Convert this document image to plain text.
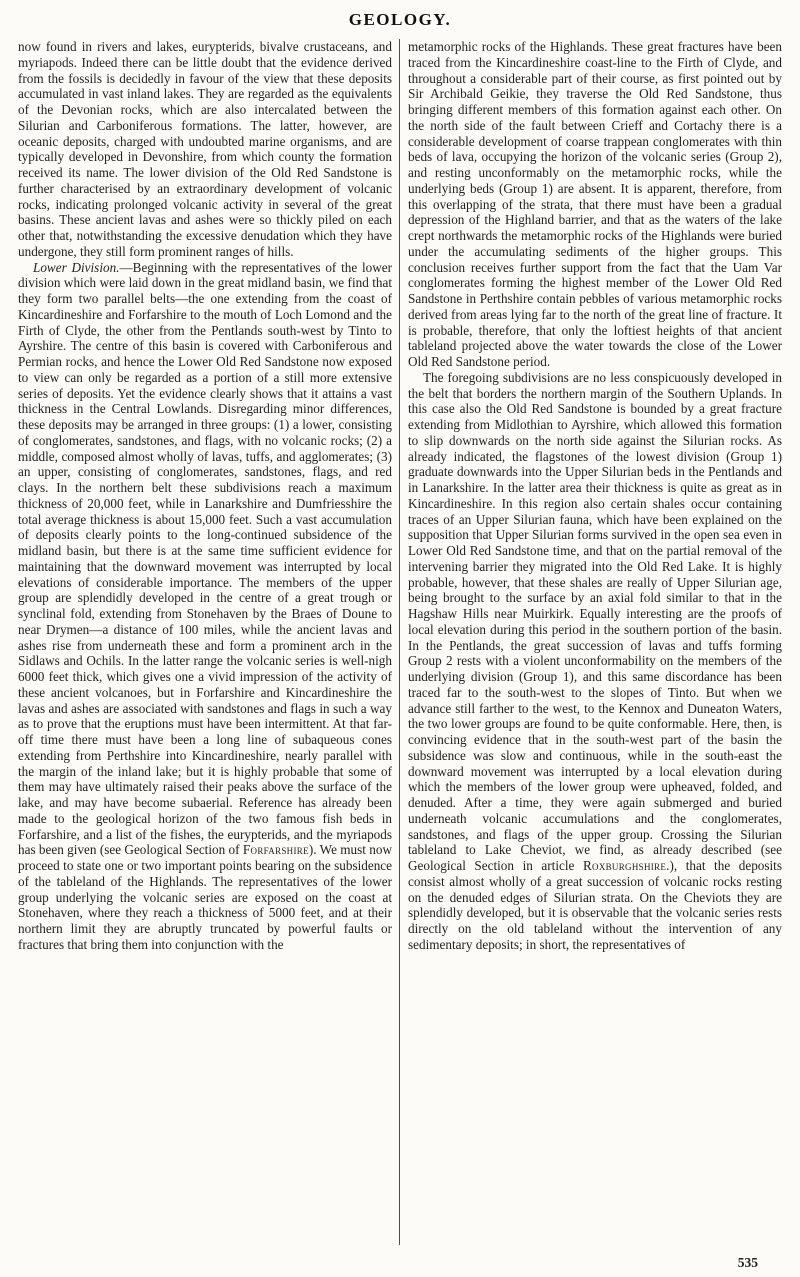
GEOLOGY.

now found in rivers and lakes, eurypterids, bivalve crustaceans, and myriapods. Indeed there can be little doubt that the evidence derived from the fossils is decidedly in favour of the view that these deposits accumulated in vast inland lakes. They are regarded as the equivalents of the Devonian rocks, which are also intercalated between the Silurian and Carboniferous formations. The latter, however, are oceanic deposits, charged with undoubted marine organisms, and are typically developed in Devonshire, from which county the formation received its name. The lower division of the Old Red Sandstone is further characterised by an extraordinary development of volcanic rocks, indicating prolonged volcanic activity in several of the great basins. These ancient lavas and ashes were so thickly piled on each other that, notwithstanding the excessive denudation which they have undergone, they still form prominent ranges of hills.

Lower Division.—Beginning with the representatives of the lower division which were laid down in the great midland basin, we find that they form two parallel belts—the one extending from the coast of Kincardineshire and Forfarshire to the mouth of Loch Lomond and the Firth of Clyde, the other from the Pentlands south-west by Tinto to Ayrshire. The centre of this basin is covered with Carboniferous and Permian rocks, and hence the Lower Old Red Sandstone now exposed to view can only be regarded as a portion of a still more extensive series of deposits. Yet the evidence clearly shows that it attains a vast thickness in the Central Lowlands. Disregarding minor differences, these deposits may be arranged in three groups: (1) a lower, consisting of conglomerates, sandstones, and flags, with no volcanic rocks; (2) a middle, composed almost wholly of lavas, tuffs, and agglomerates; (3) an upper, consisting of conglomerates, sandstones, flags, and red clays. In the northern belt these subdivisions reach a maximum thickness of 20,000 feet, while in Lanarkshire and Dumfriesshire the total average thickness is about 15,000 feet. Such a vast accumulation of deposits clearly points to the long-continued subsidence of the midland basin, but there is at the same time sufficient evidence for maintaining that the downward movement was interrupted by local elevations of considerable importance. The members of the upper group are splendidly developed in the centre of a great trough or synclinal fold, extending from Stonehaven by the Braes of Doune to near Drymen—a distance of 100 miles, while the ancient lavas and ashes rise from underneath these and form a prominent arch in the Sidlaws and Ochils. In the latter range the volcanic series is well-nigh 6000 feet thick, which gives one a vivid impression of the activity of these ancient volcanoes, but in Forfarshire and Kincardineshire the lavas and ashes are associated with sandstones and flags in such a way as to prove that the eruptions must have been intermittent. At that far-off time there must have been a long line of subaqueous cones extending from Perthshire into Kincardineshire, nearly parallel with the margin of the inland lake; but it is highly probable that some of them may have ultimately raised their peaks above the surface of the lake, and may have become subaerial. Reference has already been made to the geological horizon of the two famous fish beds in Forfarshire, and a list of the fishes, the eurypterids, and the myriapods has been given (see Geological Section of Forfarshire). We must now proceed to state one or two important points bearing on the subsidence of the tableland of the Highlands. The representatives of the lower group underlying the volcanic series are exposed on the coast at Stonehaven, where they reach a thickness of 5000 feet, and at their northern limit they are abruptly truncated by powerful faults or fractures that bring them into conjunction with the

metamorphic rocks of the Highlands. These great fractures have been traced from the Kincardineshire coast-line to the Firth of Clyde, and throughout a considerable part of their course, as first pointed out by Sir Archibald Geikie, they traverse the Old Red Sandstone, thus bringing different members of this formation against each other. On the north side of the fault between Crieff and Cortachy there is a considerable development of coarse trappean conglomerates with thin beds of lava, occupying the horizon of the volcanic series (Group 2), and resting unconformably on the metamorphic rocks, while the underlying beds (Group 1) are absent. It is apparent, therefore, from this overlapping of the strata, that there must have been a gradual depression of the Highland barrier, and that as the waters of the lake crept northwards the metamorphic rocks of the Highlands were buried under the accumulating sediments of the higher groups. This conclusion receives further support from the fact that the Uam Var conglomerates forming the highest member of the Lower Old Red Sandstone in Perthshire contain pebbles of various metamorphic rocks derived from areas lying far to the north of the great line of fracture. It is probable, therefore, that only the loftiest heights of that ancient tableland projected above the water towards the close of the Lower Old Red Sandstone period.

The foregoing subdivisions are no less conspicuously developed in the belt that borders the northern margin of the Southern Uplands. In this case also the Old Red Sandstone is bounded by a great fracture extending from Midlothian to Ayrshire, which allowed this formation to slip downwards on the north side against the Silurian rocks. As already indicated, the flagstones of the lowest division (Group 1) graduate downwards into the Upper Silurian beds in the Pentlands and in Lanarkshire. In the latter area their thickness is quite as great as in Kincardineshire. In this region also certain shales occur containing traces of an Upper Silurian fauna, which have been explained on the supposition that Upper Silurian forms survived in the open sea even in Lower Old Red Sandstone time, and that on the partial removal of the intervening barrier they migrated into the Old Red Lake. It is highly probable, however, that these shales are really of Upper Silurian age, being brought to the surface by an axial fold similar to that in the Hagshaw Hills near Muirkirk. Equally interesting are the proofs of local elevation during this period in the southern portion of the basin. In the Pentlands, the great succession of lavas and tuffs forming Group 2 rests with a violent unconformability on the members of the underlying division (Group 1), and this same discordance has been traced far to the south-west to the slopes of Tinto. But when we advance still farther to the west, to the Kennox and Duneaton Waters, the two lower groups are found to be quite conformable. Here, then, is convincing evidence that in the south-west part of the basin the subsidence was slow and continuous, while in the south-east the downward movement was interrupted by a local elevation during which the members of the lower group were upheaved, folded, and denuded. After a time, they were again submerged and buried underneath volcanic accumulations and the conglomerates, sandstones, and flags of the upper group. Crossing the Silurian tableland to Lake Cheviot, we find, as already described (see Geological Section in article Roxburghshire.), that the deposits consist almost wholly of a great succession of volcanic rocks resting on the denuded edges of Silurian strata. On the Cheviots they are splendidly developed, but it is observable that the volcanic series rests directly on the old tableland without the intervention of any sedimentary deposits; in short, the representatives of

535
